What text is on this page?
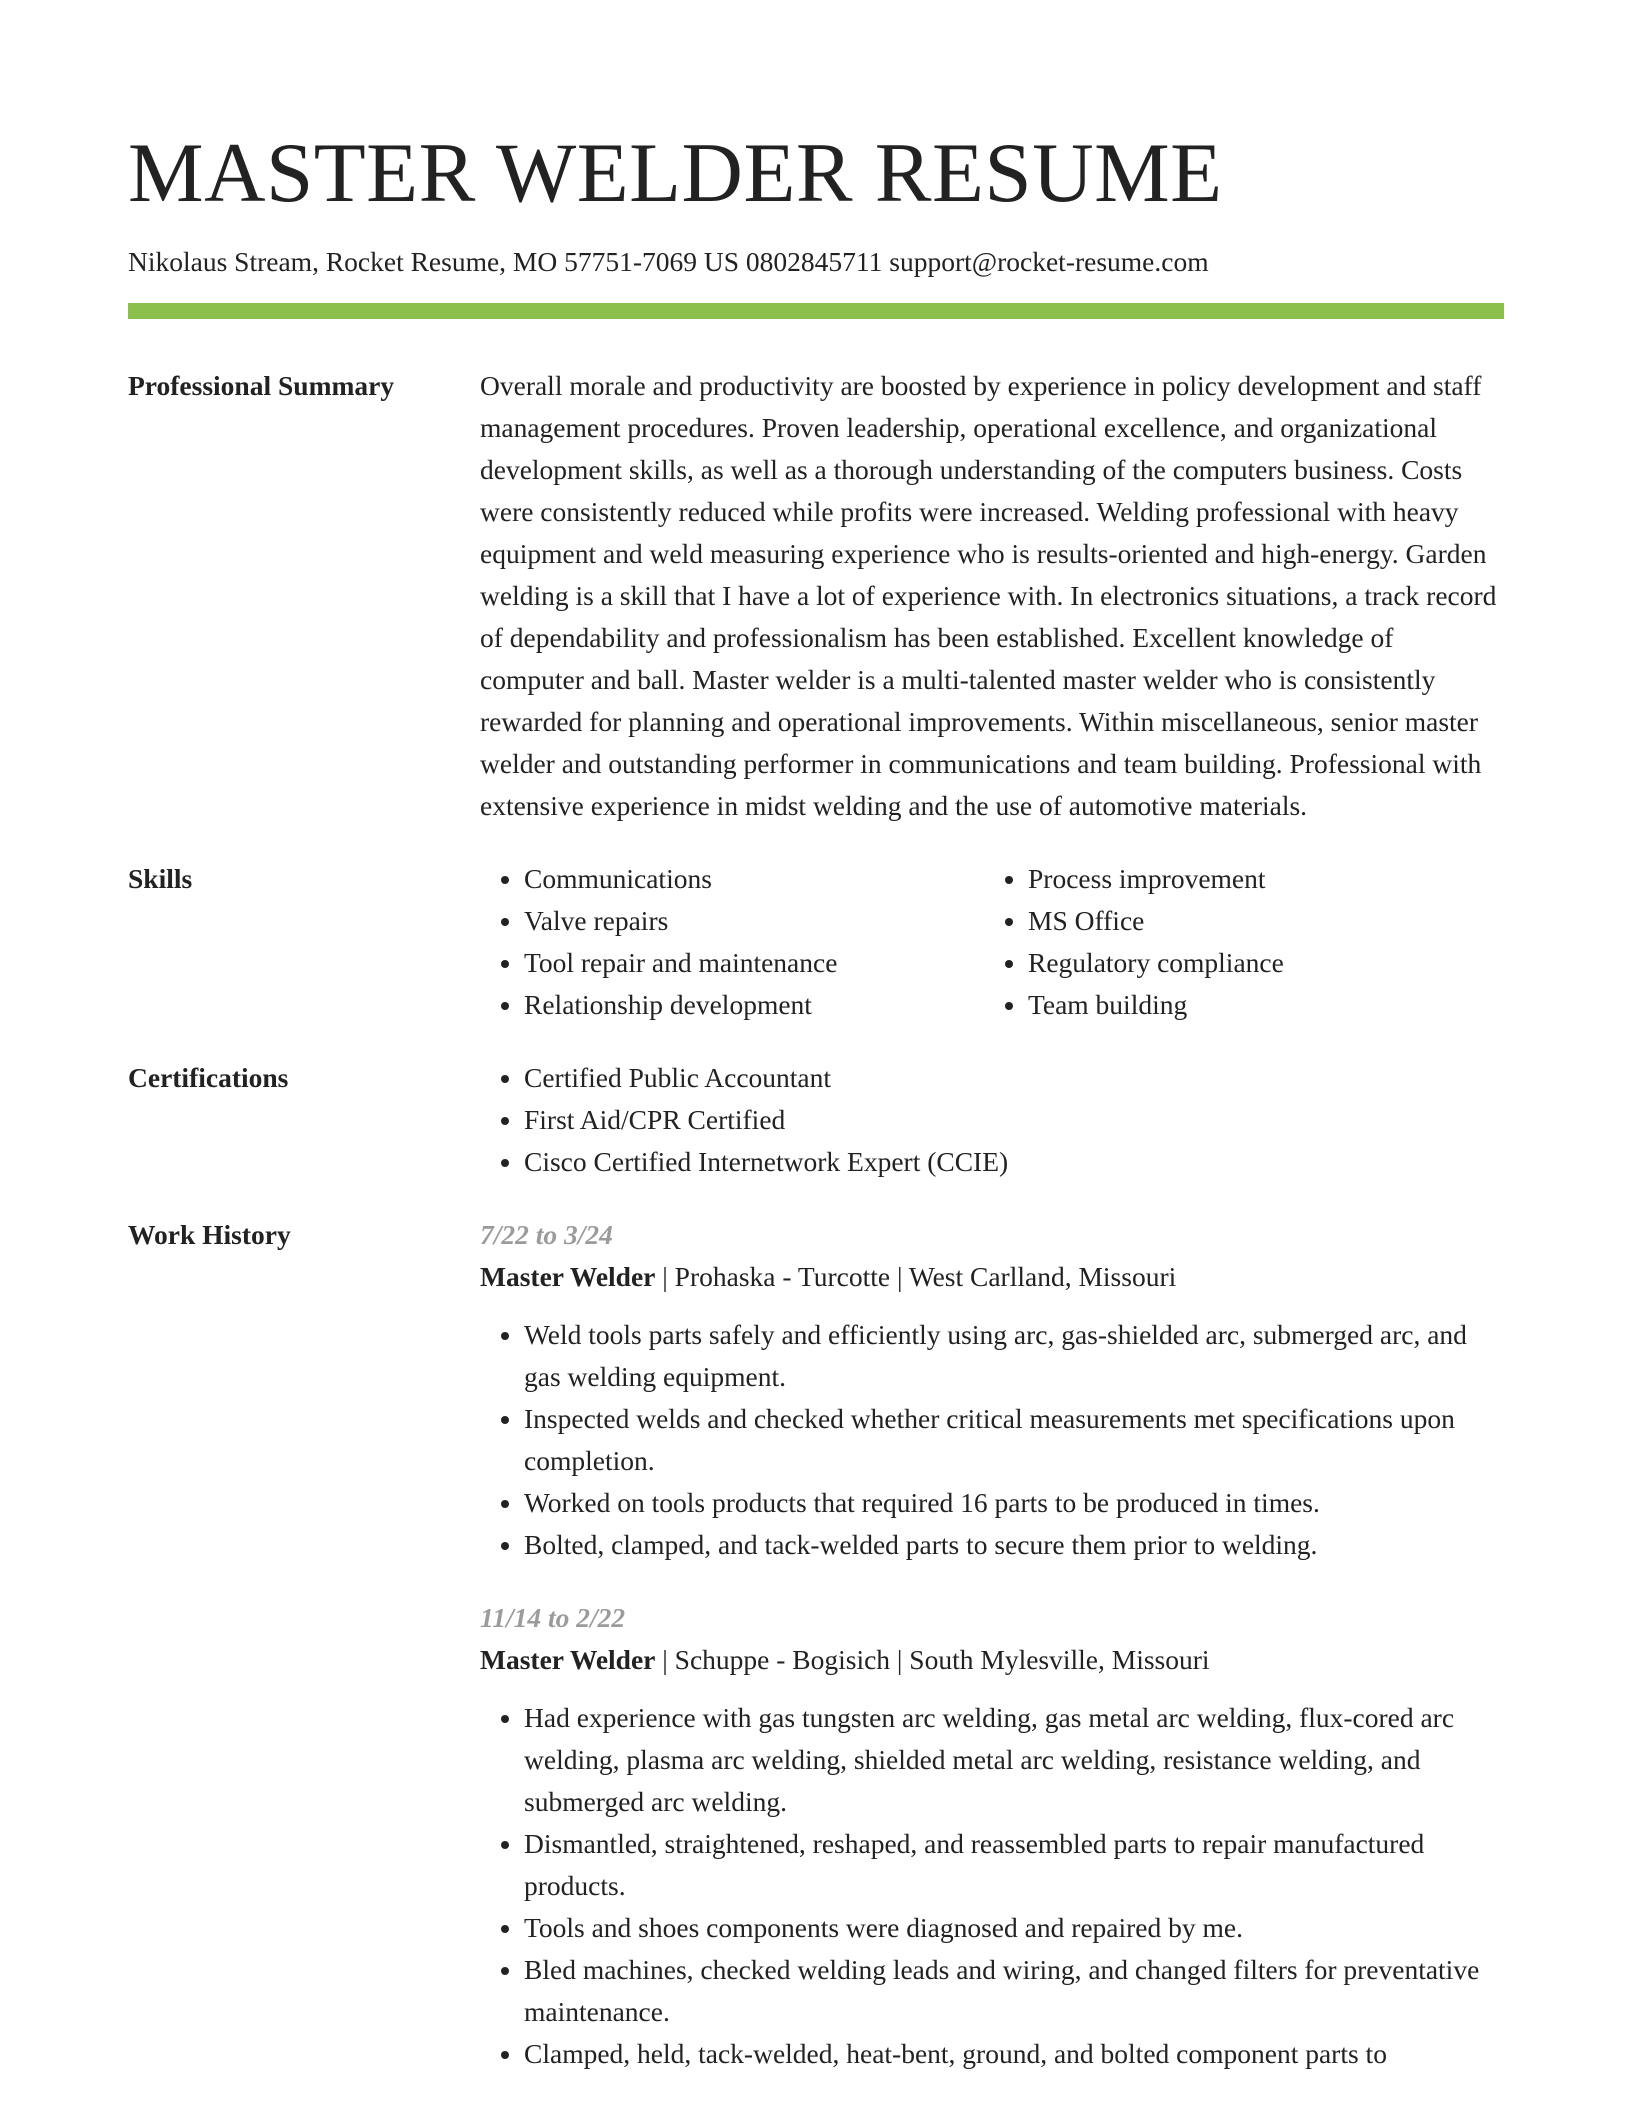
MASTER WELDER RESUME
Nikolaus Stream, Rocket Resume, MO 57751-7069 US 0802845711 support@rocket-resume.com
Professional Summary	Overall morale and productivity are boosted by experience in policy development and staff management procedures. Proven leadership, operational excellence, and organizational development skills, as well as a thorough understanding of the computers business. Costs were consistently reduced while profits were increased. Welding professional with heavy equipment and weld measuring experience who is results-oriented and high-energy. Garden welding is a skill that I have a lot of experience with. In electronics situations, a track record of dependability and professionalism has been established. Excellent knowledge of computer and ball. Master welder is a multi-talented master welder who is consistently rewarded for planning and operational improvements. Within miscellaneous, senior master welder and outstanding performer in communications and team building. Professional with extensive experience in midst welding and the use of automotive materials.

Skills	• Communications
• Valve repairs
• Tool repair and maintenance
• Relationship development
• Process improvement
• MS Office
• Regulatory compliance
• Team building
Certifications	• Certified Public Accountant
• First Aid/CPR Certified
• Cisco Certified Internetwork Expert (CCIE)
Work History	7/22 to 3/24
Master Welder | Prohaska - Turcotte | West Carlland, Missouri
• Weld tools parts safely and efficiently using arc, gas-shielded arc, submerged arc, and gas welding equipment.
• Inspected welds and checked whether critical measurements met specifications upon completion.
• Worked on tools products that required 16 parts to be produced in times.
• Bolted, clamped, and tack-welded parts to secure them prior to welding.
11/14 to 2/22
Master Welder | Schuppe - Bogisich | South Mylesville, Missouri
• Had experience with gas tungsten arc welding, gas metal arc welding, flux-cored arc welding, plasma arc welding, shielded metal arc welding, resistance welding, and submerged arc welding.
• Dismantled, straightened, reshaped, and reassembled parts to repair manufactured products.
• Tools and shoes components were diagnosed and repaired by me.
• Bled machines, checked welding leads and wiring, and changed filters for preventative maintenance.
• Clamped, held, tack-welded, heat-bent, ground, and bolted component parts to
